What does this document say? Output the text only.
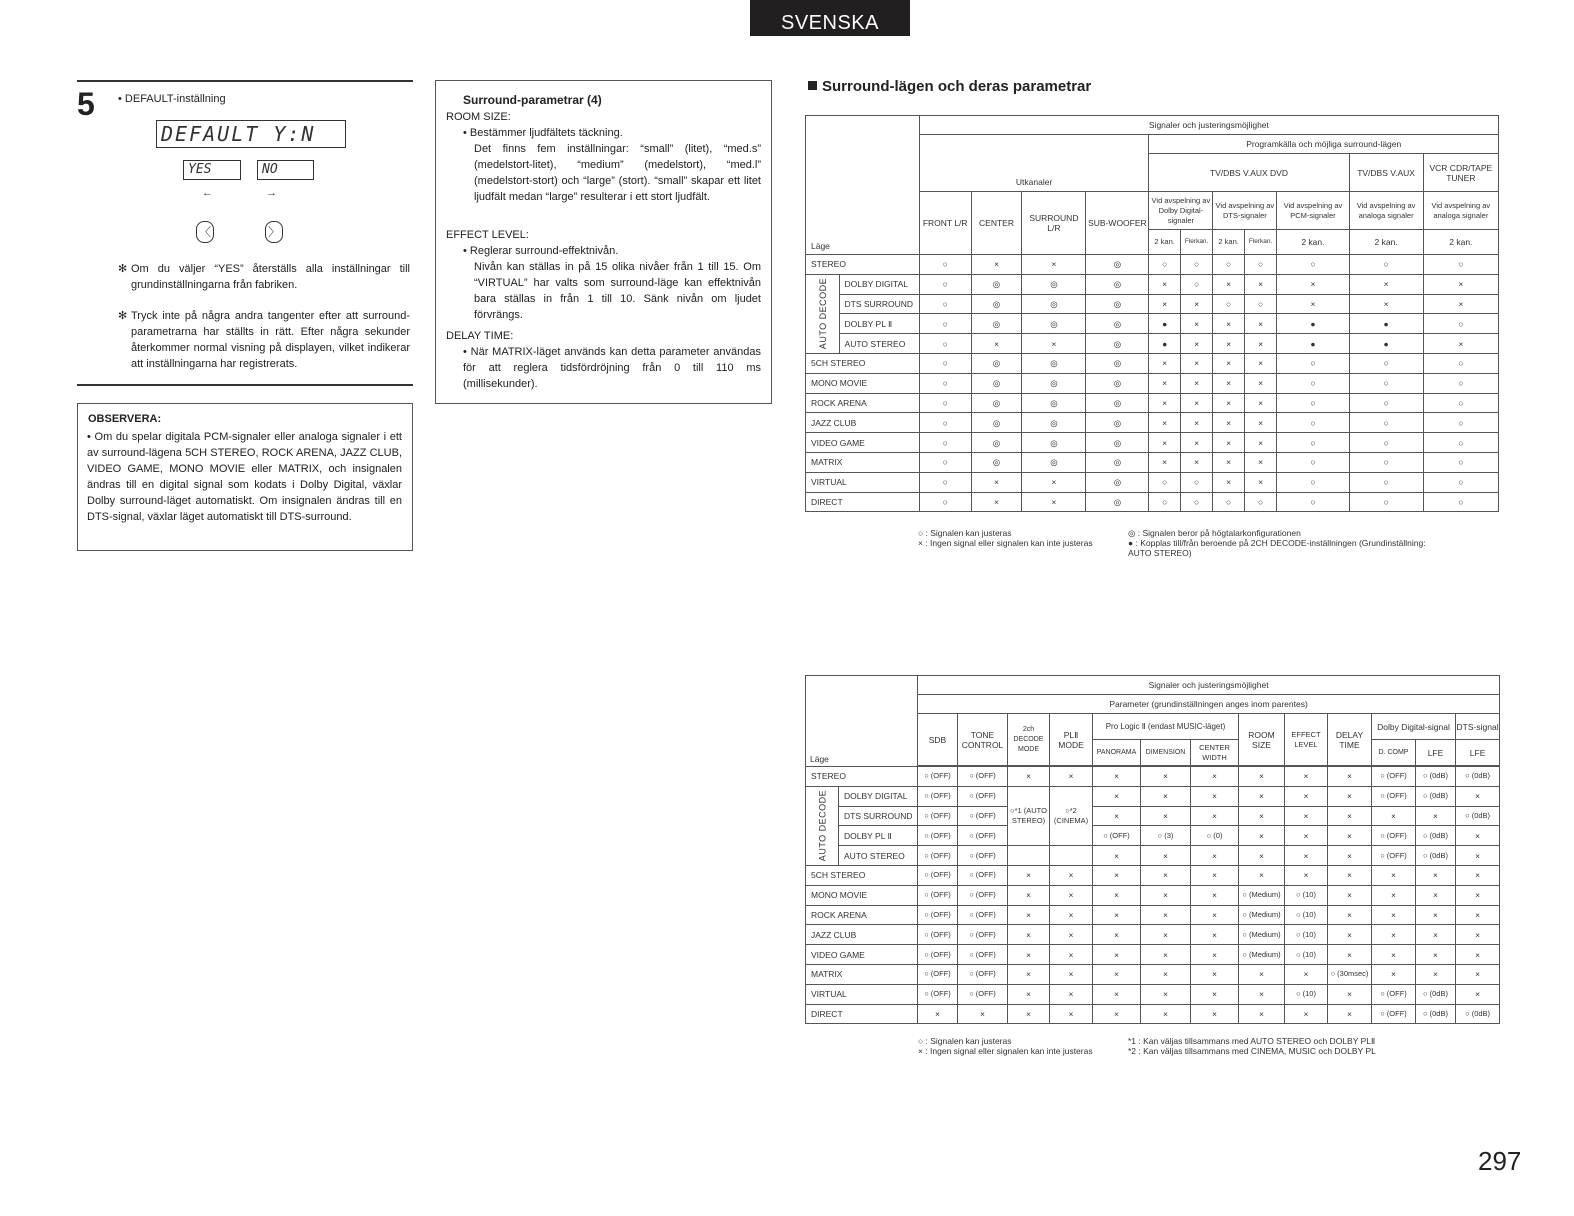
SVENSKA
5 • DEFAULT-inställning
DEFAULT Y:N
YES	NO
←	→
〈	〉
✻ Om du väljer “YES” återställs alla inställningar till grundinställningarna från fabriken.
✻ Tryck inte på några andra tangenter efter att surround-parametrarna har ställts in rätt. Efter några sekunder återkommer normal visning på displayen, vilket indikerar att inställningarna har registrerats.
OBSERVERA:
• Om du spelar digitala PCM-signaler eller analoga signaler i ett av surround-lägena 5CH STEREO, ROCK ARENA, JAZZ CLUB, VIDEO GAME, MONO MOVIE eller MATRIX, och insignalen ändras till en digital signal som kodats i Dolby Digital, växlar Dolby surround-läget automatiskt. Om insignalen ändras till en DTS-signal, växlar läget automatiskt till DTS-surround.
Surround-parametrar (4)
ROOM SIZE:
• Bestämmer ljudfältets täckning.
Det finns fem inställningar: “small” (litet), “med.s” (medelstort-litet), “medium” (medelstort), “med.l” (medelstort-stort) och “large” (stort). “small” skapar ett litet ljudfält medan “large” resulterar i ett stort ljudfält.
EFFECT LEVEL:
• Reglerar surround-effektnivån.
Nivån kan ställas in på 15 olika nivåer från 1 till 15. Om “VIRTUAL” har valts som surround-läge kan effektnivån bara ställas in från 1 till 10. Sänk nivån om ljudet förvrängs.
DELAY TIME:
• När MATRIX-läget används kan detta parameter användas för att reglera tidsfördröjning från 0 till 110 ms (millisekunder).
Surround-lägen och deras parametrar
		Signaler och justeringsmöjlighet										
		Utkanaler				Programkälla och möjliga surround-lägen						
						TV/DBS V.AUX DVD					TV/DBS V.AUX	VCR CDR/TAPE TUNER
		FRONT L/R	CENTER	SURROUND L/R	SUB-WOOFER	Vid avspelning av Dolby Digital-signaler		Vid avspelning av DTS-signaler		Vid avspelning av PCM-signaler	Vid avspelning av analoga signaler	Vid avspelning av analoga signaler
Läge						2 kan.	Flerkan.	2 kan.	Flerkan.	2 kan.	2 kan.	2 kan.
STEREO		○	×	×	◎	○	○	○	○	○	○	○
AUTO DECODE	DOLBY DIGITAL	○	◎	◎	◎	×	○	×	×	×	×	×
	DTS SURROUND	○	◎	◎	◎	×	×	○	○	×	×	×
	DOLBY PL Ⅱ	○	◎	◎	◎	●	×	×	×	●	●	○
	AUTO STEREO	○	×	×	◎	●	×	×	×	●	●	×
5CH STEREO		○	◎	◎	◎	×	×	×	×	○	○	○
MONO MOVIE		○	◎	◎	◎	×	×	×	×	○	○	○
ROCK ARENA		○	◎	◎	◎	×	×	×	×	○	○	○
JAZZ CLUB		○	◎	◎	◎	×	×	×	×	○	○	○
VIDEO GAME		○	◎	◎	◎	×	×	×	×	○	○	○
MATRIX		○	◎	◎	◎	×	×	×	×	○	○	○
VIRTUAL		○	×	×	◎	○	○	×	×	○	○	○
DIRECT		○	×	×	◎	○	○	○	○	○	○	○
○ : Signalen kan justeras
× : Ingen signal eller signalen kan inte justeras
◎ : Signalen beror på högtalarkonfigurationen
● : Kopplas till/från beroende på 2CH DECODE-inställningen (Grundinställning: AUTO STEREO)
		Signaler och justeringsmöjlighet												
		Parameter (grundinställningen anges inom parentes)												
		SDB	TONE CONTROL	2ch DECODE MODE	PLⅡ MODE	Pro Logic Ⅱ (endast MUSIC-läget)			ROOM SIZE	EFFECT LEVEL	DELAY TIME	Dolby Digital-signal		DTS-signal
						PANORAMA	DIMENSION	CENTER WIDTH				D. COMP	LFE	LFE

STEREO		○ (OFF)	○ (OFF)	×	×	×	×	×	×	×	×	○ (OFF)	○ (0dB)	○ (0dB)
AUTO DECODE	DOLBY DIGITAL	○ (OFF)	○ (OFF)	○*1 (AUTO STEREO)	○*2 (CINEMA)	×	×	×	×	×	×	○ (OFF)	○ (0dB)	×
	DTS SURROUND	○ (OFF)	○ (OFF)			×	×	×	×	×	×	×	×	○ (0dB)
	DOLBY PL Ⅱ	○ (OFF)	○ (OFF)			○ (OFF)	○ (3)	○ (0)	×	×	×	○ (OFF)	○ (0dB)	×
	AUTO STEREO	○ (OFF)	○ (OFF)			×	×	×	×	×	×	○ (OFF)	○ (0dB)	×
5CH STEREO		○ (OFF)	○ (OFF)	×	×	×	×	×	×	×	×	×	×	×
MONO MOVIE		○ (OFF)	○ (OFF)	×	×	×	×	×	○ (Medium)	○ (10)	×	×	×	×
ROCK ARENA		○ (OFF)	○ (OFF)	×	×	×	×	×	○ (Medium)	○ (10)	×	×	×	×
JAZZ CLUB		○ (OFF)	○ (OFF)	×	×	×	×	×	○ (Medium)	○ (10)	×	×	×	×
VIDEO GAME		○ (OFF)	○ (OFF)	×	×	×	×	×	○ (Medium)	○ (10)	×	×	×	×
MATRIX		○ (OFF)	○ (OFF)	×	×	×	×	×	×	×	○ (30msec)	×	×	×
VIRTUAL		○ (OFF)	○ (OFF)	×	×	×	×	×	×	○ (10)	×	○ (OFF)	○ (0dB)	×
DIRECT		×	×	×	×	×	×	×	×	×	×	○ (OFF)	○ (0dB)	○ (0dB)
Läge
○ : Signalen kan justeras
× : Ingen signal eller signalen kan inte justeras
*1 : Kan väljas tillsammans med AUTO STEREO och DOLBY PLⅡ
*2 : Kan väljas tillsammans med CINEMA, MUSIC och DOLBY PL
297
